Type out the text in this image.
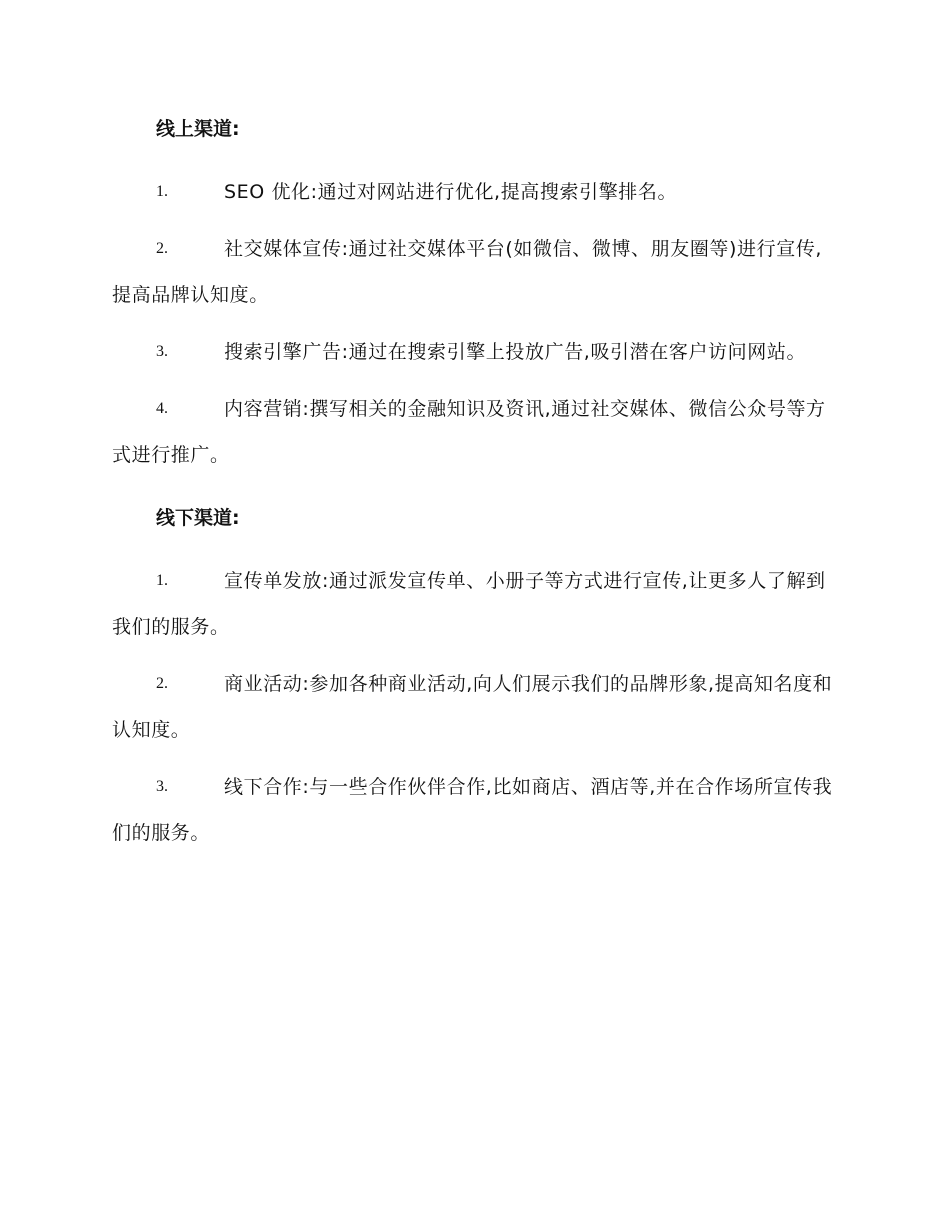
线上渠道:
1.	SEO 优化:通过对网站进行优化,提高搜索引擎排名。
2.	社交媒体宣传:通过社交媒体平台(如微信、微博、朋友圈等)进行宣传,提高品牌认知度。
3.	搜索引擎广告:通过在搜索引擎上投放广告,吸引潜在客户访问网站。
4.	内容营销:撰写相关的金融知识及资讯,通过社交媒体、微信公众号等方式进行推广。
线下渠道:
1.	宣传单发放:通过派发宣传单、小册子等方式进行宣传,让更多人了解到我们的服务。
2.	商业活动:参加各种商业活动,向人们展示我们的品牌形象,提高知名度和认知度。
3.	线下合作:与一些合作伙伴合作,比如商店、酒店等,并在合作场所宣传我们的服务。
